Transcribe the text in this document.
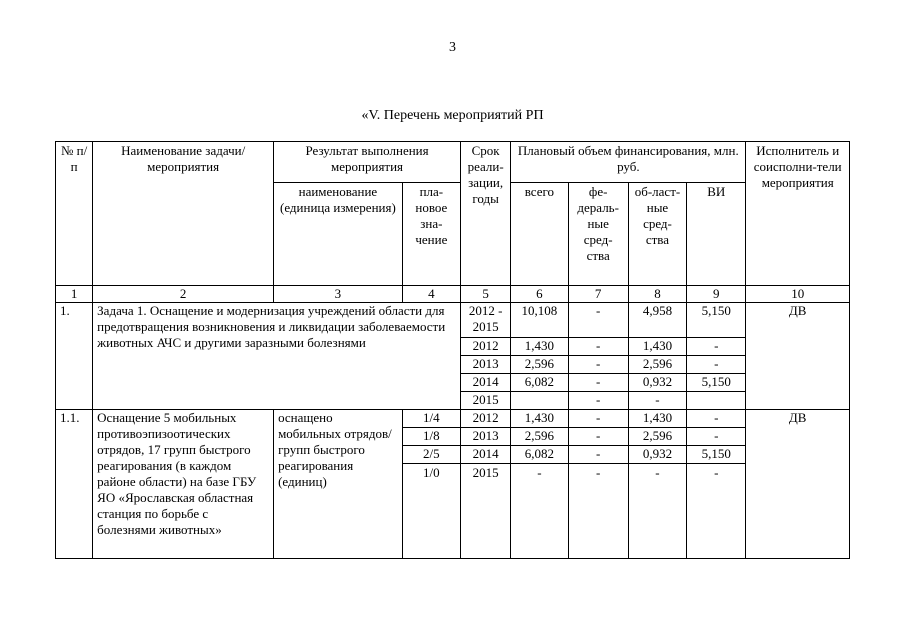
3
«V. Перечень мероприятий РП
№ п/п	Наименование задачи/ мероприятия	Результат выполнения мероприятия		Срок реали-зации, годы	Плановый объем финансирования, млн. руб.				Исполнитель и соисполни-тели мероприятия
		наименование (единица измерения)	пла-новое зна-чение		всего	фе-дераль-ные сред-ства	об-ласт-ные сред-ства	ВИ	
1	2	3	4	5	6	7	8	9	10
1.	Задача 1. Оснащение и модернизация учреждений области для предотвращения возникновения и ликвидации заболеваемости животных АЧС и другими заразными болезнями			2012 - 2015	10,108	-	4,958	5,150	ДВ
				2012	1,430	-	1,430	-	
				2013	2,596	-	2,596	-	
				2014	6,082	-	0,932	5,150	
				2015		-	-		
1.1.	Оснащение 5 мобильных противоэпизоотических отрядов, 17 групп быстрого реагирования (в каждом районе области) на базе ГБУ ЯО «Ярославская областная станция по борьбе с болезнями животных»	оснащено мобильных отрядов/групп быстрого реагирования (единиц)	1/4	2012	1,430	-	1,430	-	ДВ
			1/8	2013	2,596	-	2,596	-	
			2/5	2014	6,082	-	0,932	5,150	
			1/0	2015	-	-	-	-	
